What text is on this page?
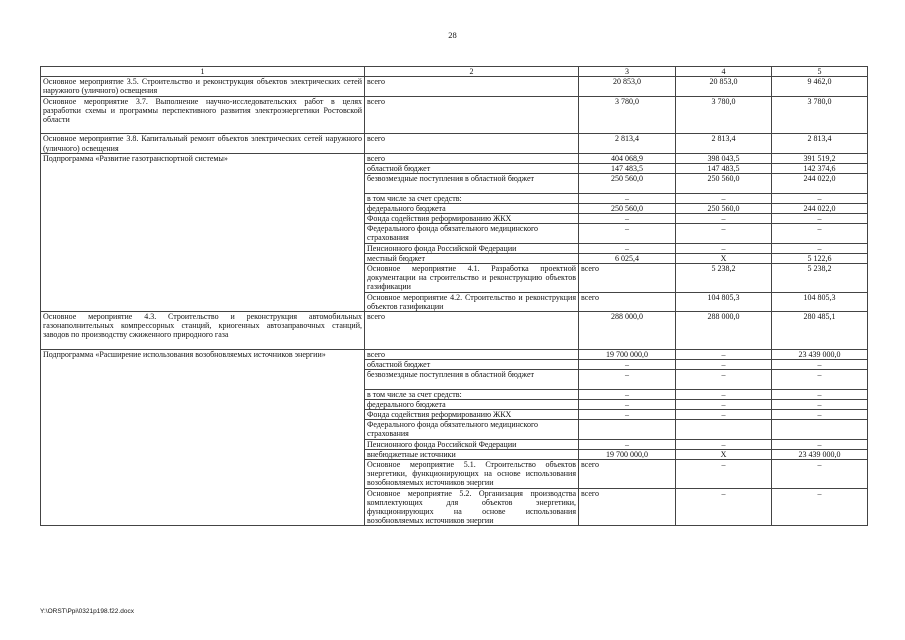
28
1	2	3	4	5	
Основное мероприятие 3.5. Строительство и реконструкция объектов электрических сетей наружного (уличного) освещения	всего	20 853,0	20 853,0	9 462,0	
Основное мероприятие 3.7. Выполнение научно-исследовательских работ в целях разработки схемы и программы перспективного развития электроэнергетики Ростовской области	всего	3 780,0	3 780,0	3 780,0	
Основное мероприятие 3.8. Капитальный ремонт объектов электрических сетей наружного (уличного) освещения	всего	2 813,4	2 813,4	2 813,4	
Подпрограмма «Развитие газотранспортной системы»	всего	404 068,9	398 043,5	391 519,2	
	областной бюджет	147 483,5	147 483,5	142 374,6	
	безвозмездные поступления в областной бюджет	250 560,0	250 560,0	244 022,0	
	в том числе за счет средств:	–	–	–	
	федерального бюджета	250 560,0	250 560,0	244 022,0	
	Фонда содействия реформированию ЖКХ	–	–	–	
	Федерального фонда обязательного медицинского страхования	–	–	–	
	Пенсионного фонда Российской Федерации	–	–	–	
	местный бюджет	6 025,4	X	5 122,6	
	Основное мероприятие 4.1. Разработка проектной документации на строительство и реконструкцию объектов газификации	всего	5 238,2	5 238,2	
	Основное мероприятие 4.2. Строительство и реконструкция объектов газификации	всего	104 805,3	104 805,3	
Основное мероприятие 4.3. Строительство и реконструкция автомобильных газонаполнительных компрессорных станций, криогенных автозаправочных станций, заводов по производству сжиженного природного газа	всего	288 000,0	288 000,0	280 485,1	
Подпрограмма «Расширение использования возобновляемых источников энергии»	всего	19 700 000,0	–	23 439 000,0	
	областной бюджет	–	–	–	
	безвозмездные поступления в областной бюджет	–	–	–	
	в том числе за счет средств:	–	–	–	
	федерального бюджета	–	–	–	
	Фонда содействия реформированию ЖКХ	–	–	–	
	Федерального фонда обязательного медицинского страхования				
	Пенсионного фонда Российской Федерации	–	–	–	
	внебюджетные источники	19 700 000,0	X	23 439 000,0	
	Основное мероприятие 5.1. Строительство объектов энергетики, функционирующих на основе использования возобновляемых источников энергии	всего	–	–	
	Основное мероприятие 5.2. Организация производства комплектующих для объектов энергетики, функционирующих на основе использования возобновляемых источников энергии	всего	–	–	
Y:\ORST\Ppi\0321p198.f22.docx
